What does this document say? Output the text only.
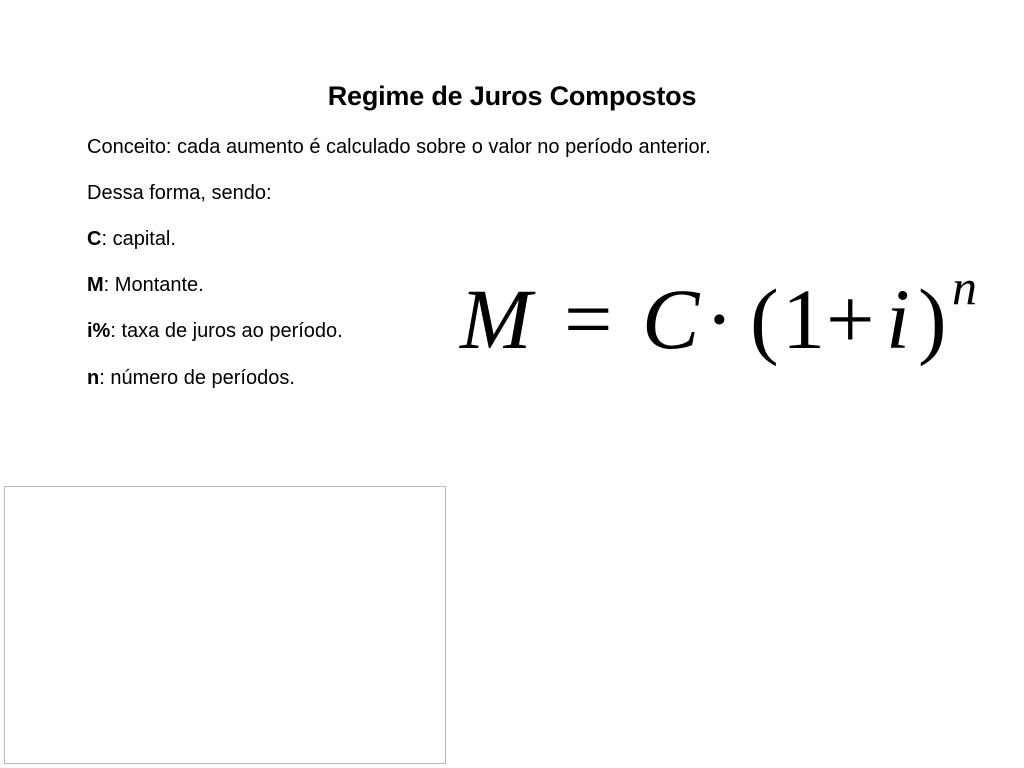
Regime de Juros Compostos
Conceito: cada aumento é calculado sobre o valor no período anterior.
Dessa forma, sendo:
C: capital.
M: Montante.
i%: taxa de juros ao período.
n: número de períodos.
M = C · ( 1 + i ) n
